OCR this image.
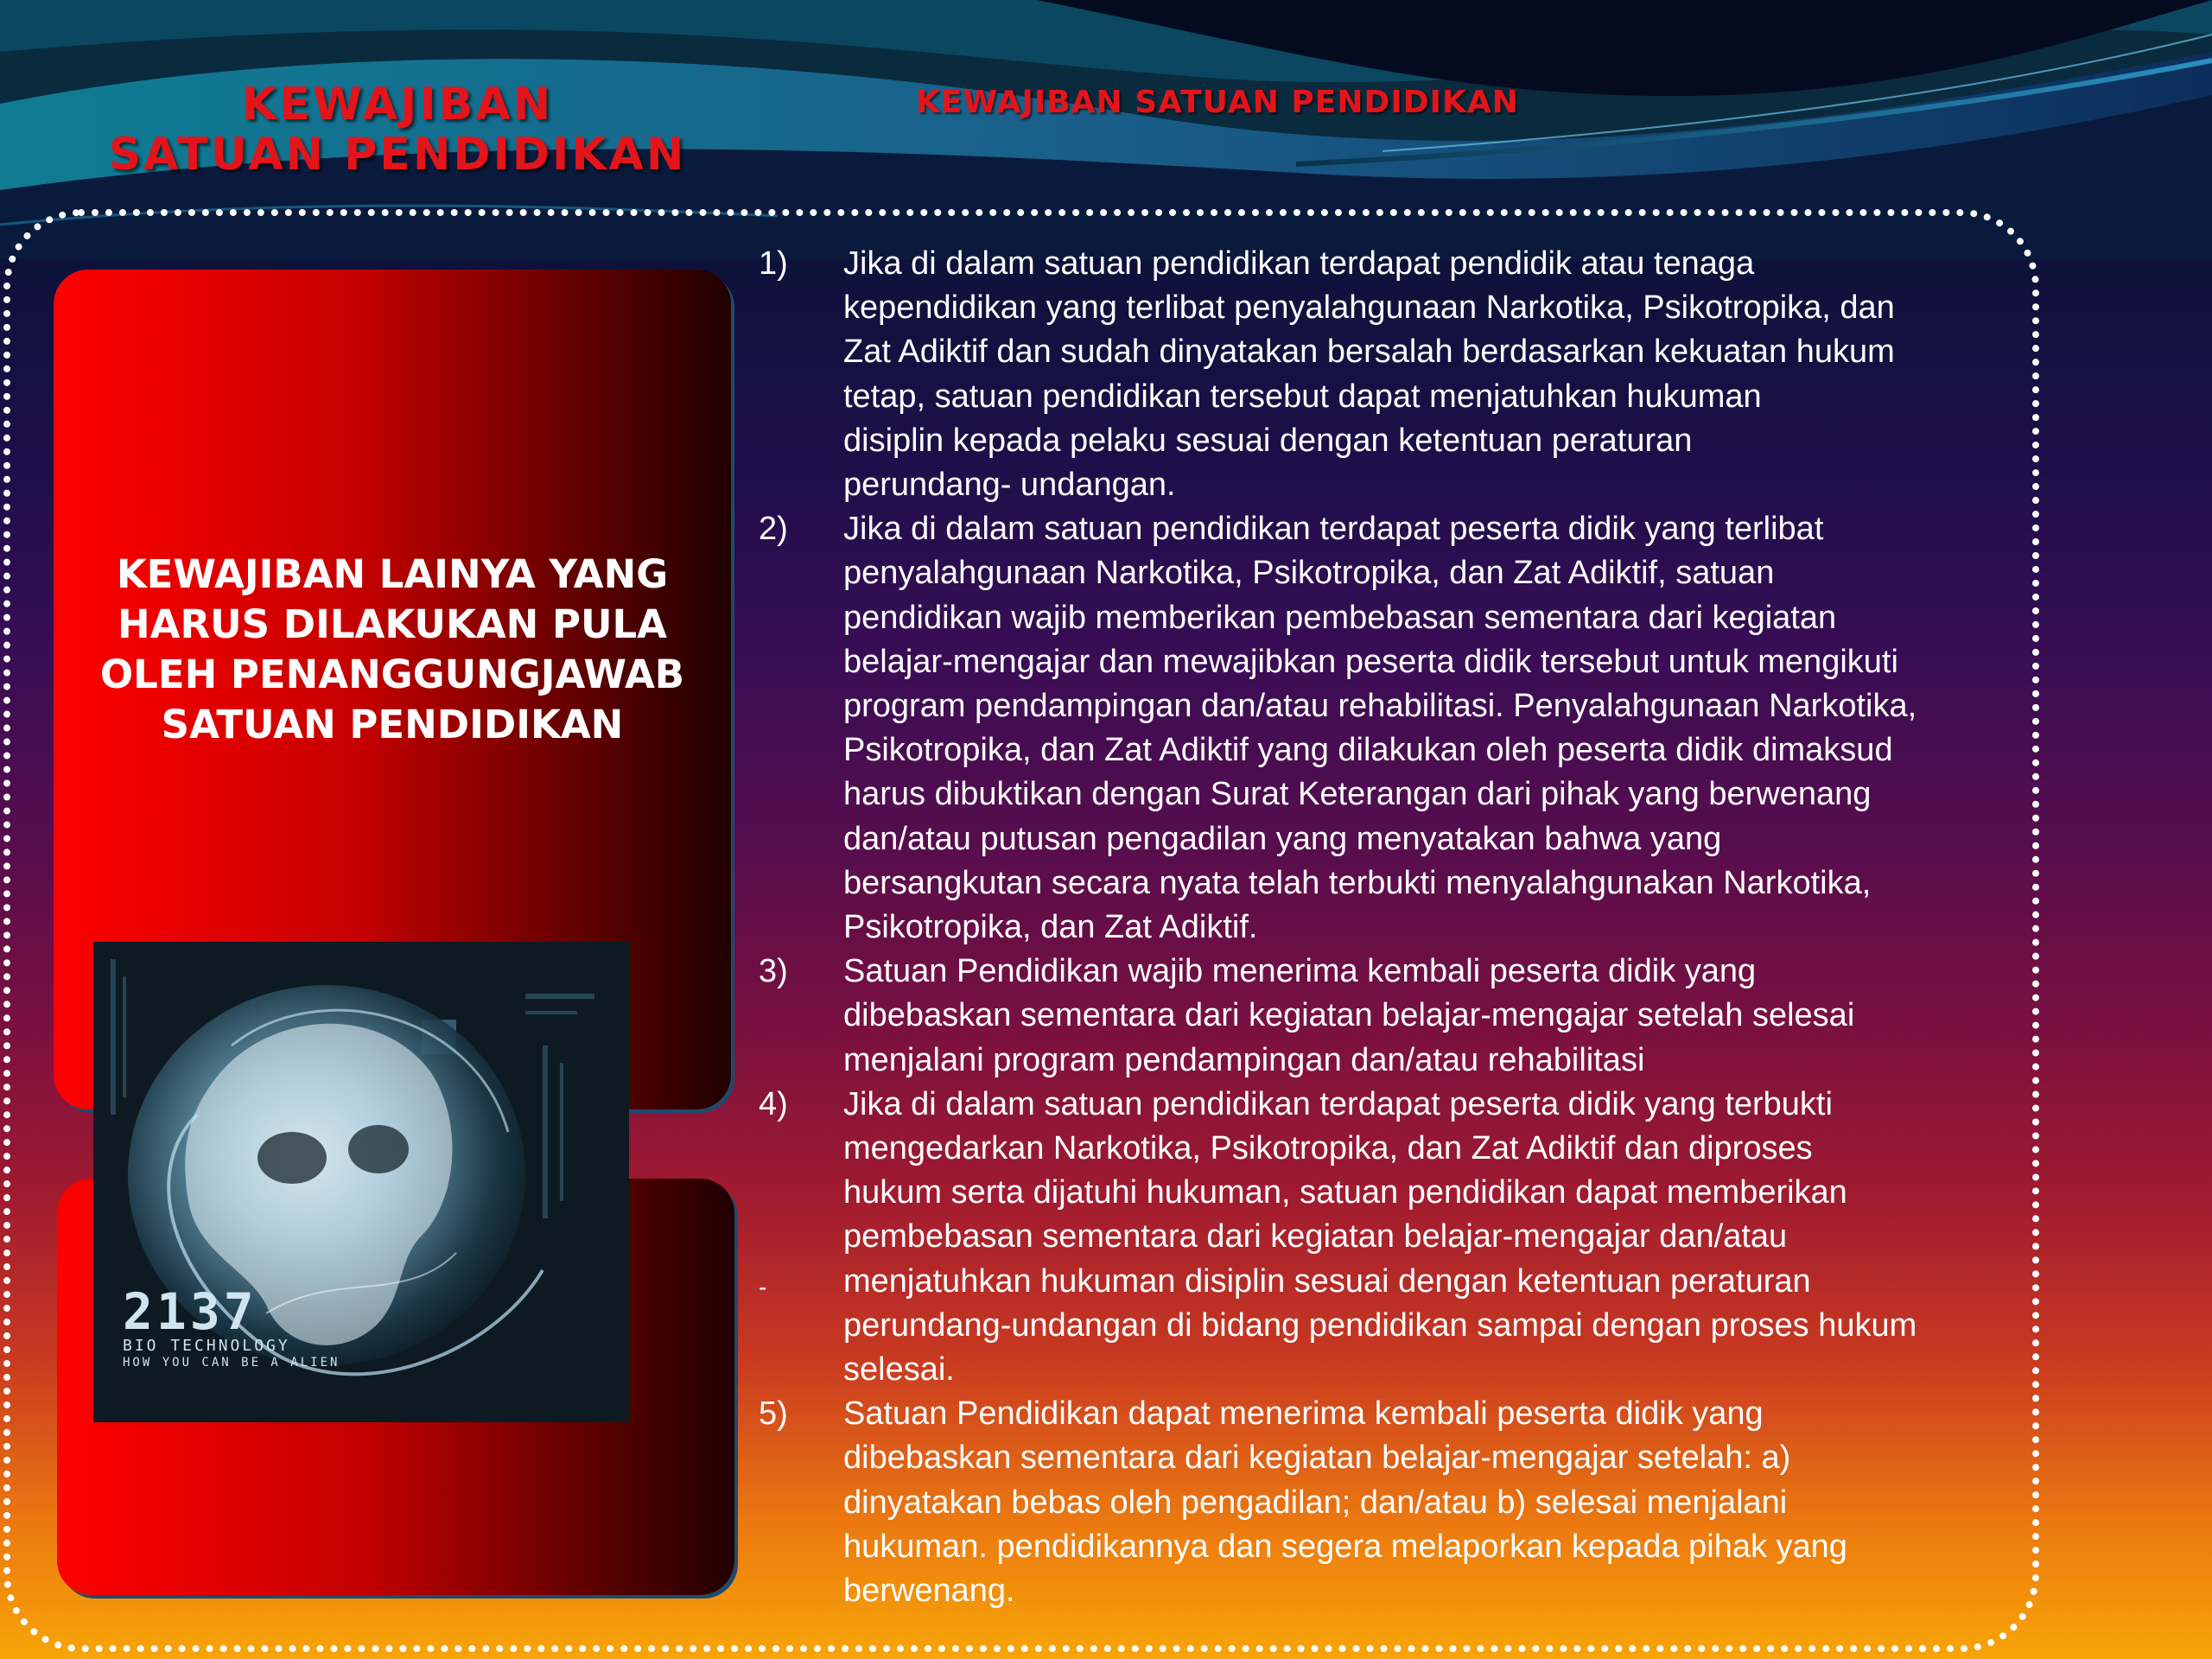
KEWAJIBAN
SATUAN PENDIDIKAN
KEWAJIBAN SATUAN PENDIDIKAN
KEWAJIBAN LAINYA YANG
HARUS DILAKUKAN PULA
OLEH PENANGGUNGJAWAB
SATUAN PENDIDIKAN
2137
BIO TECHNOLOGY
HOW YOU CAN BE A ALIEN
1) Jika di dalam satuan pendidikan terdapat pendidik atau tenaga
kependidikan yang terlibat penyalahgunaan Narkotika, Psikotropika, dan
Zat Adiktif dan sudah dinyatakan bersalah berdasarkan kekuatan hukum
tetap, satuan pendidikan tersebut dapat menjatuhkan hukuman
disiplin kepada pelaku sesuai dengan ketentuan peraturan
perundang- undangan.
2) Jika di dalam satuan pendidikan terdapat peserta didik yang terlibat
penyalahgunaan Narkotika, Psikotropika, dan Zat Adiktif, satuan
pendidikan wajib memberikan pembebasan sementara dari kegiatan
belajar-mengajar dan mewajibkan peserta didik tersebut untuk mengikuti
program pendampingan dan/atau rehabilitasi. Penyalahgunaan Narkotika,
Psikotropika, dan Zat Adiktif yang dilakukan oleh peserta didik dimaksud
harus dibuktikan dengan Surat Keterangan dari pihak yang berwenang
dan/atau putusan pengadilan yang menyatakan bahwa yang
bersangkutan secara nyata telah terbukti menyalahgunakan Narkotika,
Psikotropika, dan Zat Adiktif.
3) Satuan Pendidikan wajib menerima kembali peserta didik yang
dibebaskan sementara dari kegiatan belajar-mengajar setelah selesai
menjalani program pendampingan dan/atau rehabilitasi
4) Jika di dalam satuan pendidikan terdapat peserta didik yang terbukti
mengedarkan Narkotika, Psikotropika, dan Zat Adiktif dan diproses
hukum serta dijatuhi hukuman, satuan pendidikan dapat memberikan
pembebasan sementara dari kegiatan belajar-mengajar dan/atau
menjatuhkan hukuman disiplin sesuai dengan ketentuan peraturan
perundang-undangan di bidang pendidikan sampai dengan proses hukum
selesai.
5) Satuan Pendidikan dapat menerima kembali peserta didik yang
dibebaskan sementara dari kegiatan belajar-mengajar setelah: a)
dinyatakan bebas oleh pengadilan; dan/atau b) selesai menjalani
hukuman. pendidikannya dan segera melaporkan kepada pihak yang
berwenang.
-
